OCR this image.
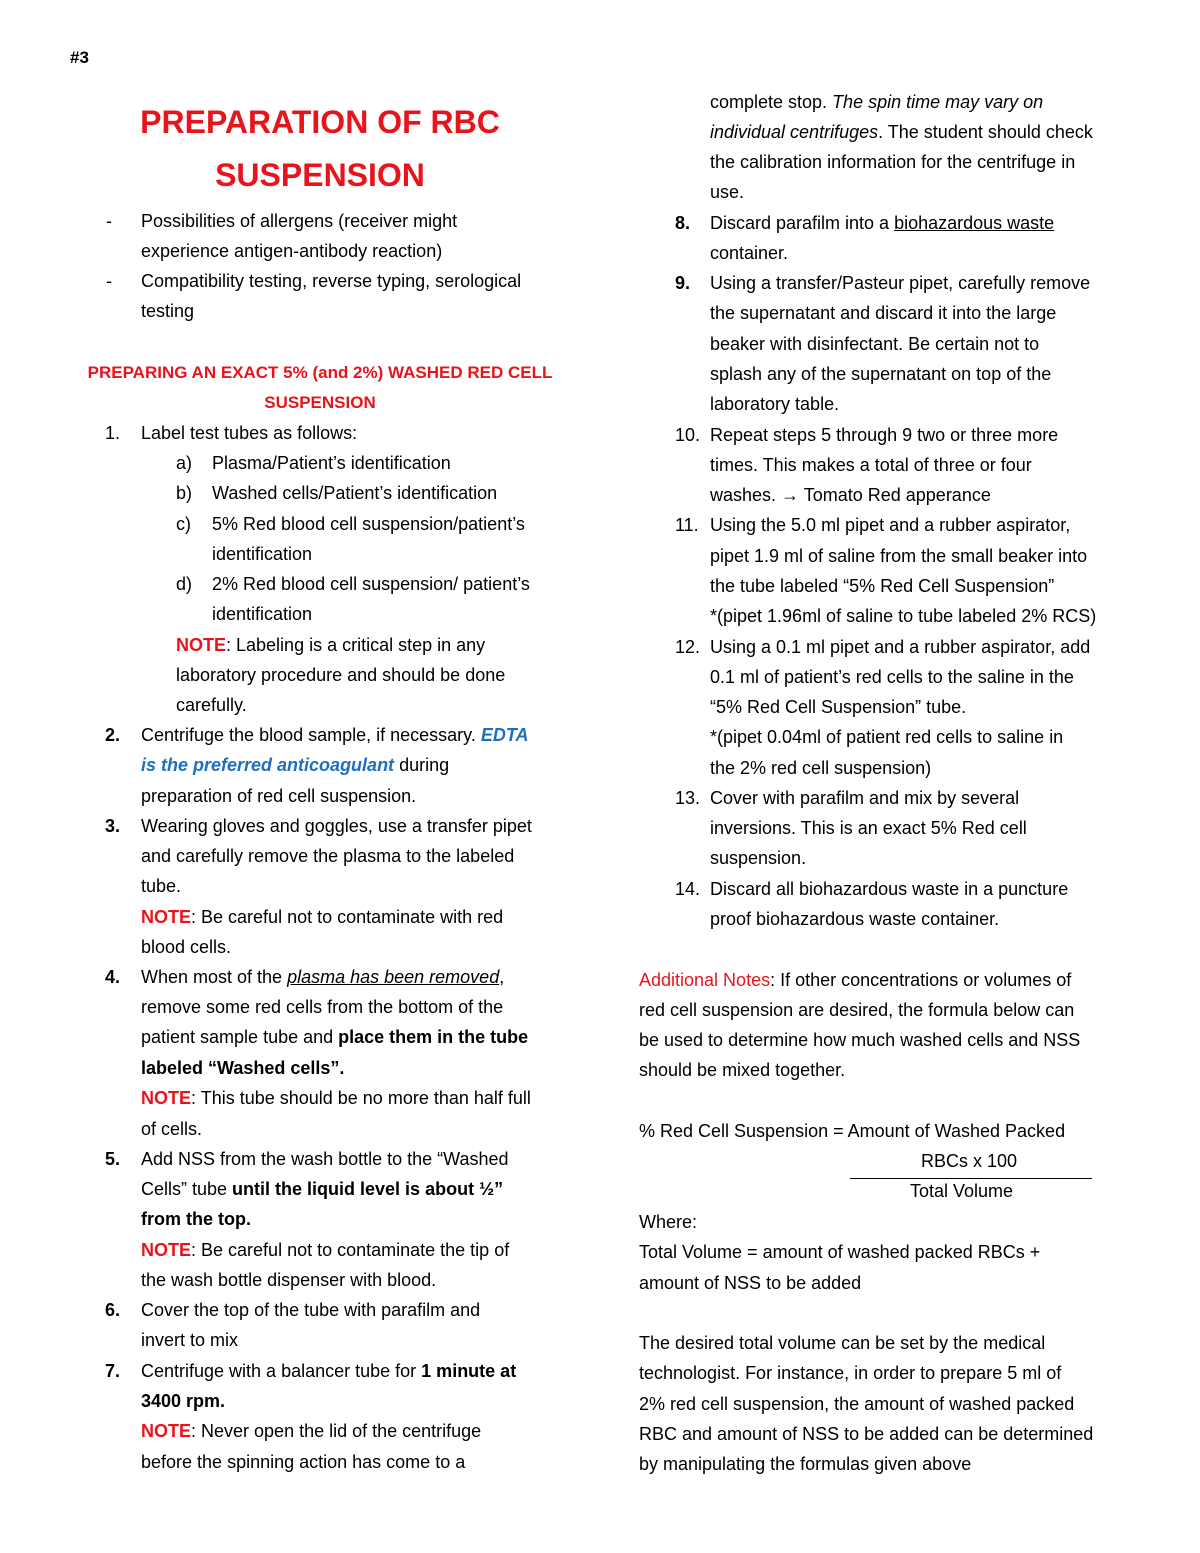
#3
PREPARATION OF RBC
SUSPENSION
- Possibilities of allergens (receiver might
experience antigen-antibody reaction)
- Compatibility testing, reverse typing, serological
testing
PREPARING AN EXACT 5% (and 2%) WASHED RED CELL
SUSPENSION
1. Label test tubes as follows:
a) Plasma/Patient’s identification
b) Washed cells/Patient’s identification
c) 5% Red blood cell suspension/patient’s
identification
d) 2% Red blood cell suspension/ patient’s
identification
NOTE: Labeling is a critical step in any
laboratory procedure and should be done
carefully.
2. Centrifuge the blood sample, if necessary. EDTA
is the preferred anticoagulant during
preparation of red cell suspension.
3. Wearing gloves and goggles, use a transfer pipet
and carefully remove the plasma to the labeled
tube.
NOTE: Be careful not to contaminate with red
blood cells.
4. When most of the plasma has been removed,
remove some red cells from the bottom of the
patient sample tube and place them in the tube
labeled “Washed cells”.
NOTE: This tube should be no more than half full
of cells.
5. Add NSS from the wash bottle to the “Washed
Cells” tube until the liquid level is about ½”
from the top.
NOTE: Be careful not to contaminate the tip of
the wash bottle dispenser with blood.
6. Cover the top of the tube with parafilm and
invert to mix
7. Centrifuge with a balancer tube for 1 minute at
3400 rpm.
NOTE: Never open the lid of the centrifuge
before the spinning action has come to a
complete stop. The spin time may vary on
individual centrifuges. The student should check
the calibration information for the centrifuge in
use.
8. Discard parafilm into a biohazardous waste
container.
9. Using a transfer/Pasteur pipet, carefully remove
the supernatant and discard it into the large
beaker with disinfectant. Be certain not to
splash any of the supernatant on top of the
laboratory table.
10. Repeat steps 5 through 9 two or three more
times. This makes a total of three or four
washes. → Tomato Red apperance
11. Using the 5.0 ml pipet and a rubber aspirator,
pipet 1.9 ml of saline from the small beaker into
the tube labeled “5% Red Cell Suspension”
*(pipet 1.96ml of saline to tube labeled 2% RCS)
12. Using a 0.1 ml pipet and a rubber aspirator, add
0.1 ml of patient’s red cells to the saline in the
“5% Red Cell Suspension” tube.
*(pipet 0.04ml of patient red cells to saline in
the 2% red cell suspension)
13. Cover with parafilm and mix by several
inversions. This is an exact 5% Red cell
suspension.
14. Discard all biohazardous waste in a puncture
proof biohazardous waste container.
Additional Notes: If other concentrations or volumes of
red cell suspension are desired, the formula below can
be used to determine how much washed cells and NSS
should be mixed together.
% Red Cell Suspension = Amount of Washed Packed
RBCs x 100
Total Volume
Where:
Total Volume = amount of washed packed RBCs +
amount of NSS to be added
The desired total volume can be set by the medical
technologist. For instance, in order to prepare 5 ml of
2% red cell suspension, the amount of washed packed
RBC and amount of NSS to be added can be determined
by manipulating the formulas given above
